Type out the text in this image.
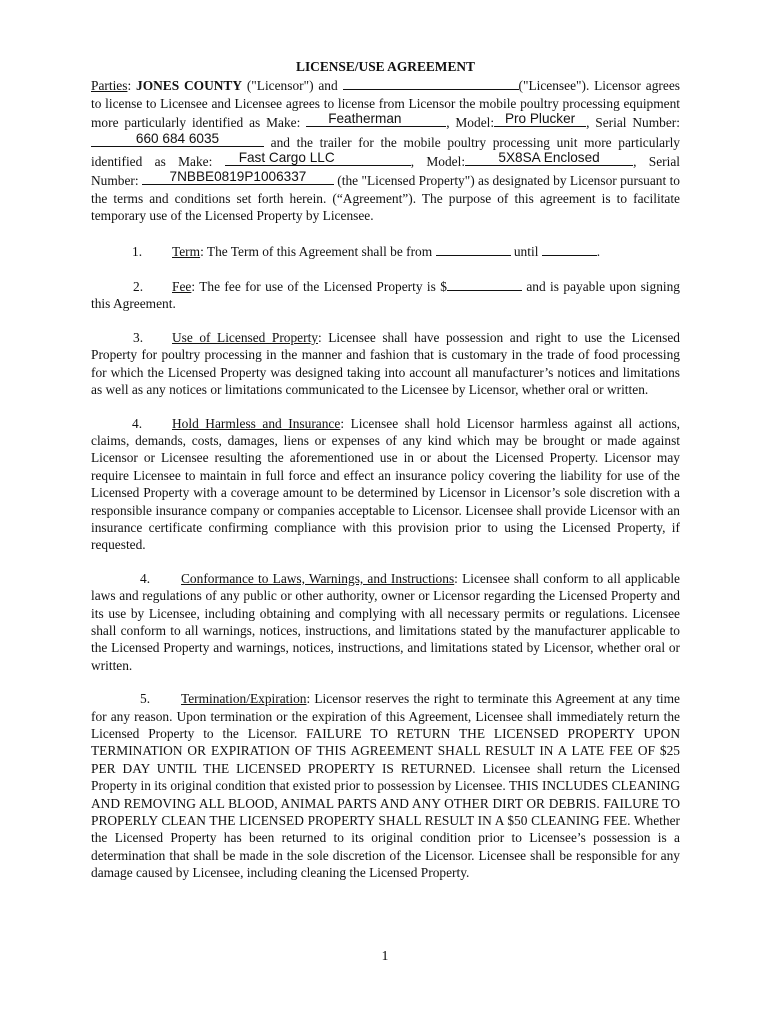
LICENSE/USE AGREEMENT

Parties: JONES COUNTY ("Licensor") and	("Licensee"). Licensor agrees to license to Licensee and Licensee agrees to license from Licensor the mobile poultry processing equipment more particularly identified as Make:	Featherman	, Model: Pro Plucker , Serial Number:
660 684 6035	and the trailer for the mobile poultry processing unit more particularly identified as Make:	Fast Cargo LLC	, Model:	5X8SA Enclosed	, Serial Number:	7NBBE0819P1006337	(the "Licensed Property") as designated by Licensor pursuant to the terms and conditions set forth herein. (“Agreement”). The purpose of this agreement is to facilitate temporary use of the Licensed Property by Licensee.

1. Term: The Term of this Agreement shall be from	until	.

2. Fee: The fee for use of the Licensed Property is $	and is payable upon signing this Agreement.

3. Use of Licensed Property: Licensee shall have possession and right to use the Licensed Property for poultry processing in the manner and fashion that is customary in the trade of food processing for which the Licensed Property was designed taking into account all manufacturer’s notices and limitations as well as any notices or limitations communicated to the Licensee by Licensor, whether oral or written.

4. Hold Harmless and Insurance: Licensee shall hold Licensor harmless against all actions, claims, demands, costs, damages, liens or expenses of any kind which may be brought or made against Licensor or Licensee resulting the aforementioned use in or about the Licensed Property. Licensor may require Licensee to maintain in full force and effect an insurance policy covering the liability for use of the Licensed Property with a coverage amount to be determined by Licensor in Licensor’s sole discretion with a responsible insurance company or companies acceptable to Licensor. Licensee shall provide Licensor with an insurance certificate confirming compliance with this provision prior to using the Licensed Property, if requested.

4. Conformance to Laws, Warnings, and Instructions: Licensee shall conform to all applicable laws and regulations of any public or other authority, owner or Licensor regarding the Licensed Property and its use by Licensee, including obtaining and complying with all necessary permits or regulations. Licensee shall conform to all warnings, notices, instructions, and limitations stated by the manufacturer applicable to the Licensed Property and warnings, notices, instructions, and limitations stated by Licensor, whether oral or written.

5. Termination/Expiration: Licensor reserves the right to terminate this Agreement at any time for any reason. Upon termination or the expiration of this Agreement, Licensee shall immediately return the Licensed Property to the Licensor. FAILURE TO RETURN THE LICENSED PROPERTY UPON TERMINATION OR EXPIRATION OF THIS AGREEMENT SHALL RESULT IN A LATE FEE OF $25 PER DAY UNTIL THE LICENSED PROPERTY IS RETURNED. Licensee shall return the Licensed Property in its original condition that existed prior to possession by Licensee. THIS INCLUDES CLEANING AND REMOVING ALL BLOOD, ANIMAL PARTS AND ANY OTHER DIRT OR DEBRIS. FAILURE TO PROPERLY CLEAN THE LICENSED PROPERTY SHALL RESULT IN A $50 CLEANING FEE. Whether the Licensed Property has been returned to its original condition prior to Licensee’s possession is a determination that shall be made in the sole discretion of the Licensor. Licensee shall be responsible for any damage caused by Licensee, including cleaning the Licensed Property.

1
